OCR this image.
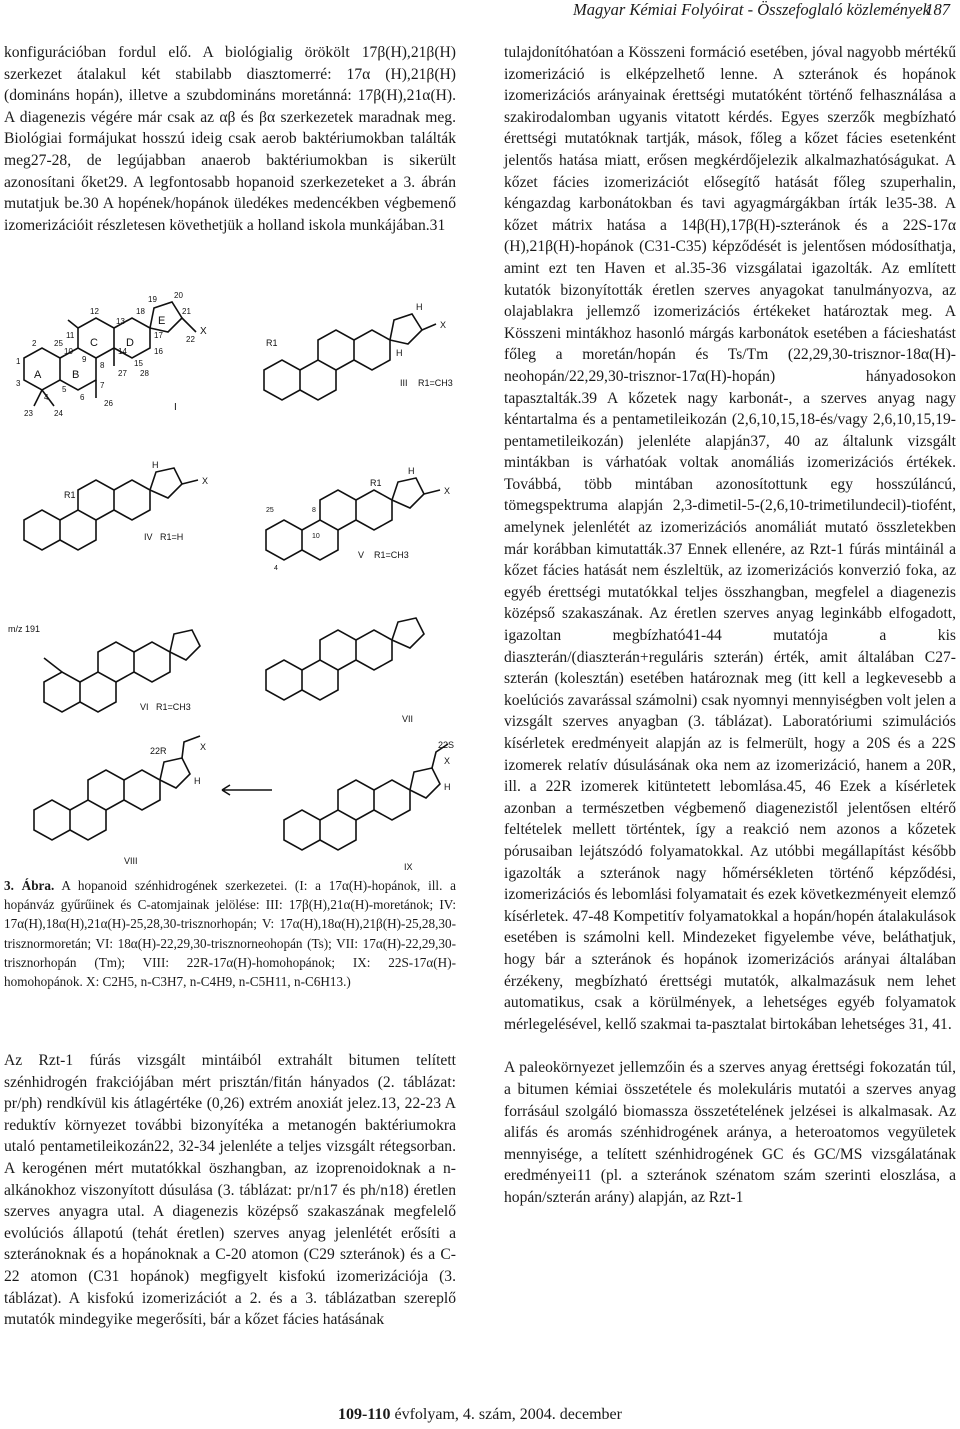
Magyar Kémiai Folyóirat - Összefoglaló közlemények
187

konfigurációban fordul elő. A biológialig örökölt 17β(H),21β(H) szerkezet átalakul két stabilabb diasztomerré: 17α (H),21β(H) (domináns hopán), illetve a szubdomináns moretánná: 17β(H),21α(H). A diagenezis végére már csak az αβ és βα szerkezetek maradnak meg. Biológiai formájukat hosszú ideig csak aerob baktériumokban találták meg27-28, de legújabban anaerob baktériumokban is sikerült azonosítani őket29. A legfontosabb hopanoid szerkezeteket a 3. ábrán mutatjuk be.30 A hopének/hopánok üledékes medencékben végbemenő izomerizációit részletesen követhetjük a holland iskola munkájában.31

A	B
C	D
E
1
2
3
4
5
6
7
8
9
10
11
12
13
14
15
16
17
18
19 20
21
22
23	24
25
26
27 28
X
I
R1
H
H
X
III R1=CH3
R1
H
X
IV R1=H
25
10
8
4
R1
H
X
V R1=CH3
m/z 191
VI R1=CH3
VII
22R	X
H
VIII
22S
X
H
IX
3. Ábra. A hopanoid szénhidrogének szerkezetei. (I: a 17α(H)-hopánok, ill. a hopánváz gyűrűinek és C-atomjainak jelölése: III: 17β(H),21α(H)-moretánok; IV: 17α(H),18α(H),21α(H)-25,28,30-trisznorhopán; V: 17α(H),18α(H),21β(H)-25,28,30-trisznormoretán; VI: 18α(H)-22,29,30-trisznorneohopán (Ts); VII: 17α(H)-22,29,30-trisznorhopán (Tm); VIII: 22R-17α(H)-homohopánok; IX: 22S-17α(H)-homohopánok. X: C2H5, n-C3H7, n-C4H9, n-C5H11, n-C6H13.)

Az Rzt-1 fúrás vizsgált mintáiból extrahált bitumen telített szénhidrogén frakciójában mért prisztán/fitán hányados (2. táblázat: pr/ph) rendkívül kis átlagértéke (0,26) extrém anoxiát jelez.13, 22-23 A reduktív környezet további bizonyítéka a metanogén baktériumokra utaló pentametileikozán22, 32-34 jelenléte a teljes vizsgált rétegsorban. A kerogénen mért mutatókkal öszhangban, az izoprenoidoknak a n-alkánokhoz viszonyított dúsulása (3. táblázat: pr/n17 és ph/n18) éretlen szerves anyagra utal. A diagenezis középső szakaszának megfelelő evolúciós állapotú (tehát éretlen) szerves anyag jelenlétét erősíti a szteránoknak és a hopánoknak a C-20 atomon (C29 szteránok) és a C-22 atomon (C31 hopánok) megfigyelt kisfokú izomerizációja (3. táblázat). A kisfokú izomerizációt a 2. és a 3. táblázatban szereplő mutatók mindegyike megerősíti, bár a kőzet fácies hatásának

tulajdonítóhatóan a Kösszeni formáció esetében, jóval nagyobb mértékű izomerizáció is elképzelhető lenne. A szteránok és hopánok izomerizációs arányainak érettségi mutatóként történő felhasználása a szakirodalomban ugyanis vitatott kérdés. Egyes szerzők megbízható érettségi mutatóknak tartják, mások, főleg a kőzet fácies esetenként jelentős hatása miatt, erősen megkérdőjelezik alkalmazhatóságukat. A kőzet fácies izomerizációt elősegítő hatását főleg szuperhalin, kéngazdag karbonátokban és tavi agyagmárgákban írták le35-38. A kőzet mátrix hatása a 14β(H),17β(H)-szteránok és a 22S-17α (H),21β(H)-hopánok (C31-C35) képződését is jelentősen módosíthatja, amint ezt ten Haven et al.35-36 vizsgálatai igazolták. Az említett kutatók bizonyították éretlen szerves anyagokat tanulmányozva, az olajablakra jellemző izomerizációs értékeket határoztak meg. A Kösszeni mintákhoz hasonló márgás karbonátok esetében a fácieshatást főleg a moretán/hopán és Ts/Tm (22,29,30-trisznor-18α(H)-neohopán/22,29,30-trisznor-17α(H)-hopán) hányadosokon tapasztalták.39 A kőzetek nagy karbonát-, a szerves anyag nagy kéntartalma és a pentametileikozán (2,6,10,15,18-és/vagy 2,6,10,15,19- pentametileikozán) jelenléte alapján37, 40 az általunk vizsgált mintákban is várhatóak voltak anomáliás izomerizációs értékek. Továbbá, több mintában azonosítottunk egy hosszúláncú, tömegspektruma alapján 2,3-dimetil-5-(2,6,10-trimetilundecil)-tiofént, amelynek jelenlétét az izomerizációs anomáliát mutató összletekben már korábban kimutatták.37 Ennek ellenére, az Rzt-1 fúrás mintáinál a kőzet fácies hatását nem észleltük, az izomerizációs konverzió foka, az egyéb érettségi mutatókkal teljes összhangban, megfelel a diagenezis középső szakaszának. Az éretlen szerves anyag leginkább elfogadott, igazoltan megbízható41-44 mutatója a kis diaszterán/(diaszterán+reguláris szterán) érték, amit általában C27-szterán (kolesztán) esetében határoznak meg (itt kell a legkevesebb a koelúciós zavarással számolni) csak nyomnyi mennyiségben volt jelen a vizsgált szerves anyagban (3. táblázat). Laboratóriumi szimulációs kísérletek eredményeit alapján az is felmerült, hogy a 20S és a 22S izomerek relatív dúsulásának oka nem az izomerizáció, hanem a 20R, ill. a 22R izomerek kitüntetett lebomlása.45, 46 Ezek a kísérletek azonban a természetben végbemenő diagenezistől jelentősen eltérő feltételek mellett történtek, így a reakció nem azonos a kőzetek pórusaiban lejátszódó folyamatokkal. Az utóbbi megállapítást később igazolták a szteránok nagy hőmérsékleten történő képződési, izomerizációs és lebomlási folyamatait és ezek következményeit elemző kísérletek. 47-48 Kompetitív folyamatokkal a hopán/hopén átalakulások esetében is számolni kell. Mindezeket figyelembe véve, beláthatjuk, hogy bár a szteránok és hopánok izomerizációs arányai általában érzékeny, megbízható érettségi mutatók, alkalmazásuk nem lehet automatikus, csak a körülmények, a lehetséges egyéb folyamatok mérlegelésével, kellő szakmai ta-pasztalat birtokában lehetséges 31, 41.

A paleokörnyezet jellemzőin és a szerves anyag érettségi fokozatán túl, a bitumen kémiai összetétele és molekuláris mutatói a szerves anyag forrásául szolgáló biomassza összetételének jelzései is alkalmasak. Az alifás és aromás szénhidrogének aránya, a heteroatomos vegyületek mennyisége, a telített szénhidrogének GC és GC/MS vizsgálatának eredményei11 (pl. a szteránok szénatom szám szerinti eloszlása, a hopán/szterán arány) alapján, az Rzt-1

109-110 évfolyam, 4. szám, 2004. december
